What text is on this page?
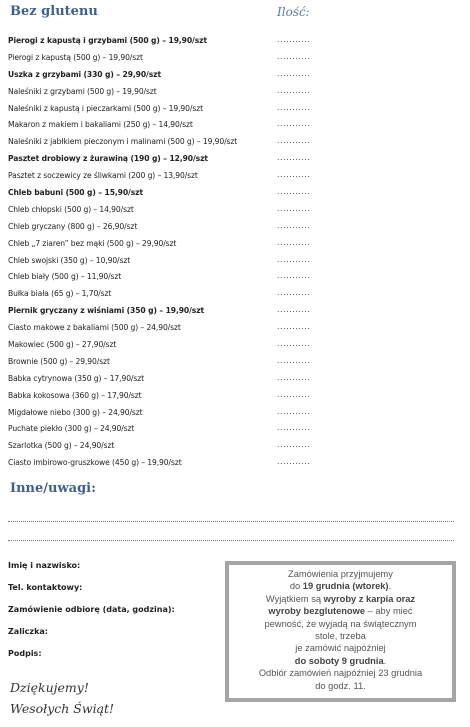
Bez glutenu	Ilość:
Pierogi z kapustą i grzybami (500 g) – 19,90/szt	...........
Pierogi z kapustą (500 g) – 19,90/szt	...........
Uszka z grzybami (330 g) – 29,90/szt	...........
Naleśniki z grzybami (500 g) – 19,90/szt	...........
Naleśniki z kapustą i pieczarkami (500 g) – 19,90/szt	...........
Makaron z makiem i bakaliami (250 g) – 14,90/szt	...........
Naleśniki z jabłkiem pieczonym i malinami (500 g) – 19,90/szt	...........
Pasztet drobiowy z żurawiną (190 g) – 12,90/szt	...........
Pasztet z soczewicy ze śliwkami (200 g) – 13,90/szt	...........
Chleb babuni (500 g) – 15,90/szt	...........
Chleb chłopski (500 g) – 14,90/szt	...........
Chleb gryczany (800 g) – 26,90/szt	...........
Chleb „7 ziaren” bez mąki (500 g) – 29,90/szt	...........
Chleb swojski (350 g) – 10,90/szt	...........
Chleb biały (500 g) – 11,90/szt	...........
Bułka biała (65 g) – 1,70/szt	...........
Piernik gryczany z wiśniami (350 g) – 19,90/szt	...........
Ciasto makowe z bakaliami (500 g) – 24,90/szt	...........
Makowiec (500 g) – 27,90/szt	...........
Brownie (500 g) – 29,90/szt	...........
Babka cytrynowa (350 g) – 17,90/szt	...........
Babka kokosowa (360 g) – 17,90/szt	...........
Migdałowe niebo (300 g) – 24,90/szt	...........
Puchate piekło (300 g) – 24,90/szt	...........
Szarlotka (500 g) – 24,90/szt	...........
Ciasto imbirowo-gruszkowe (450 g) – 19,90/szt	...........
Inne/uwagi:
Imię i nazwisko:
Tel. kontaktowy:
Zamówienie odbiorę (data, godzina):
Zaliczka:
Podpis:
Zamówienia przyjmujemy
do 19 grudnia (wtorek).
Wyjątkiem są wyroby z karpia oraz
wyroby bezglutenowe – aby mieć
pewność, że wyjadą na świątecznym
stole, trzeba
je zamówić najpóźniej
do soboty 9 grudnia.
Odbiór zamówień najpóźniej 23 grudnia
do godz. 11.
Dziękujemy!
Wesołych Świąt!
